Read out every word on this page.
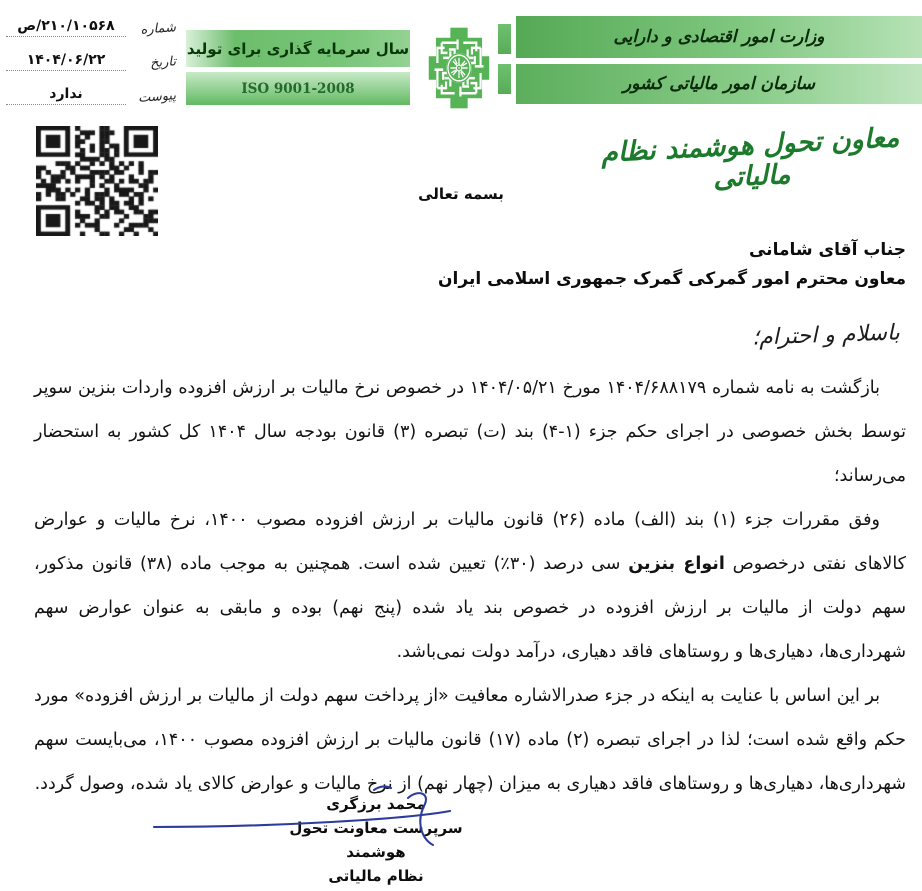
شماره
۲۱۰/۱۰۵۶۸/ص
تاریخ
۱۴۰۴/۰۶/۲۲
پیوست
ندارد
سال سرمایه گذاری برای تولید
ISO 9001-2008
وزارت امور اقتصادی و دارایی
سازمان امور مالیاتی کشور
معاون تحول هوشمند نظام مالیاتی
بسمه تعالی
جناب آقای شامانی
معاون محترم امور گمرکی گمرک جمهوری اسلامی ایران
باسلام و احترام؛

بازگشت به نامه شماره ۱۴۰۴/۶۸۸۱۷۹ مورخ ۱۴۰۴/۰۵/۲۱ در خصوص نرخ مالیات بر ارزش افزوده واردات بنزین سوپر توسط بخش خصوصی در اجرای حکم جزء (۱-۴) بند (ت) تبصره (۳) قانون بودجه سال ۱۴۰۴ کل کشور به استحضار می‌رساند؛

وفق مقررات جزء (۱) بند (الف) ماده (۲۶) قانون مالیات بر ارزش افزوده مصوب ۱۴۰۰، نرخ مالیات و عوارض کالاهای نفتی درخصوص انواع بنزین سی درصد (۳۰٪) تعیین شده است. همچنین به موجب ماده (۳۸) قانون مذکور، سهم دولت از مالیات بر ارزش افزوده در خصوص بند یاد شده (پنج نهم) بوده و مابقی به عنوان عوارض سهم شهرداری‌ها، دهیاری‌ها و روستاهای فاقد دهیاری، درآمد دولت نمی‌باشد.

بر این اساس با عنایت به اینکه در جزء صدرالاشاره معافیت «از پرداخت سهم دولت از مالیات بر ارزش افزوده» مورد حکم واقع شده است؛ لذا در اجرای تبصره (۲) ماده (۱۷) قانون مالیات بر ارزش افزوده مصوب ۱۴۰۰، می‌بایست سهم شهرداری‌ها، دهیاری‌ها و روستاهای فاقد دهیاری به میزان (چهار نهم) از نرخ مالیات و عوارض کالای یاد شده، وصول گردد.

محمد برزگری
سرپرست معاونت تحول هوشمند
نظام مالیاتی
